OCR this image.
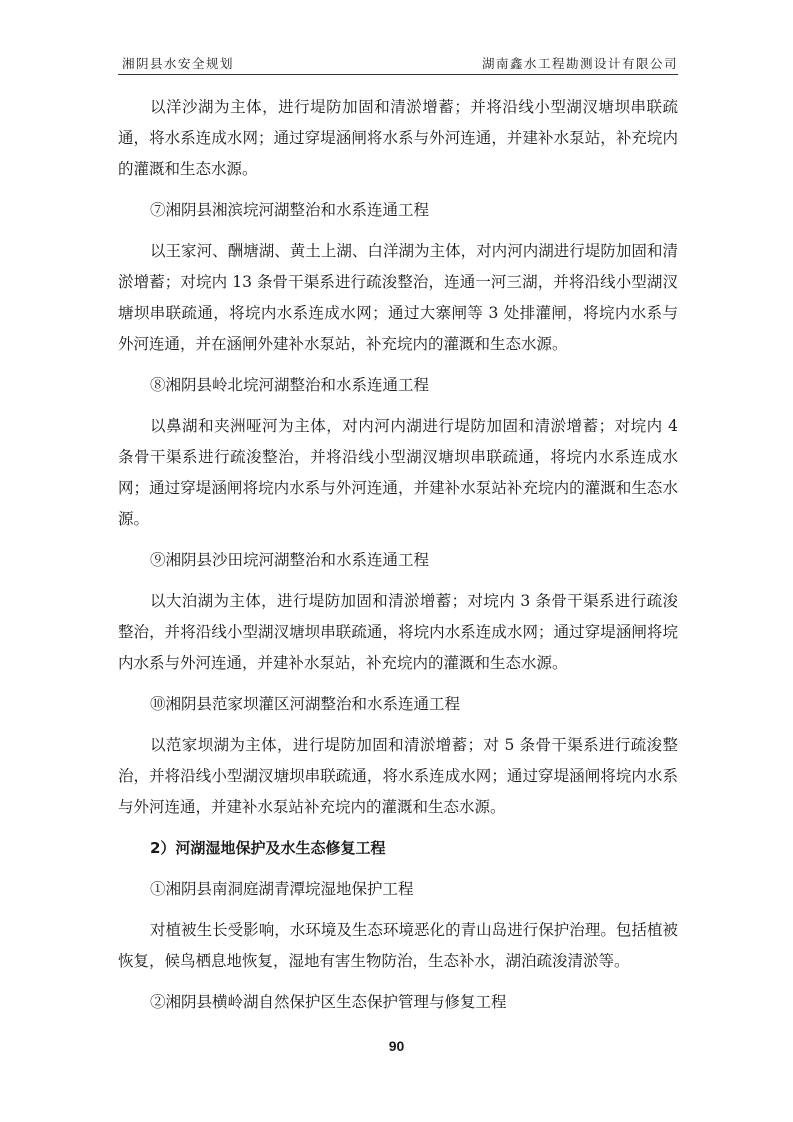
湘阴县水安全规划	湖南鑫水工程勘测设计有限公司

以洋沙湖为主体，进行堤防加固和清淤增蓄；并将沿线小型湖汊塘坝串联疏通，将水系连成水网；通过穿堤涵闸将水系与外河连通，并建补水泵站，补充垸内的灌溉和生态水源。

⑦湘阴县湘滨垸河湖整治和水系连通工程

以王家河、酬塘湖、黄土上湖、白洋湖为主体，对内河内湖进行堤防加固和清淤增蓄；对垸内 13 条骨干渠系进行疏浚整治，连通一河三湖，并将沿线小型湖汊塘坝串联疏通，将垸内水系连成水网；通过大寨闸等 3 处排灌闸，将垸内水系与外河连通，并在涵闸外建补水泵站，补充垸内的灌溉和生态水源。

⑧湘阴县岭北垸河湖整治和水系连通工程

以鼻湖和夹洲哑河为主体，对内河内湖进行堤防加固和清淤增蓄；对垸内 4 条骨干渠系进行疏浚整治，并将沿线小型湖汊塘坝串联疏通，将垸内水系连成水网；通过穿堤涵闸将垸内水系与外河连通，并建补水泵站补充垸内的灌溉和生态水源。

⑨湘阴县沙田垸河湖整治和水系连通工程

以大泊湖为主体，进行堤防加固和清淤增蓄；对垸内 3 条骨干渠系进行疏浚整治，并将沿线小型湖汊塘坝串联疏通，将垸内水系连成水网；通过穿堤涵闸将垸内水系与外河连通，并建补水泵站，补充垸内的灌溉和生态水源。

⑩湘阴县范家坝灌区河湖整治和水系连通工程

以范家坝湖为主体，进行堤防加固和清淤增蓄；对 5 条骨干渠系进行疏浚整治，并将沿线小型湖汊塘坝串联疏通，将水系连成水网；通过穿堤涵闸将垸内水系与外河连通，并建补水泵站补充垸内的灌溉和生态水源。

2）河湖湿地保护及水生态修复工程

①湘阴县南洞庭湖青潭垸湿地保护工程

对植被生长受影响，水环境及生态环境恶化的青山岛进行保护治理。包括植被恢复，候鸟栖息地恢复，湿地有害生物防治，生态补水，湖泊疏浚清淤等。

②湘阴县横岭湖自然保护区生态保护管理与修复工程

90
